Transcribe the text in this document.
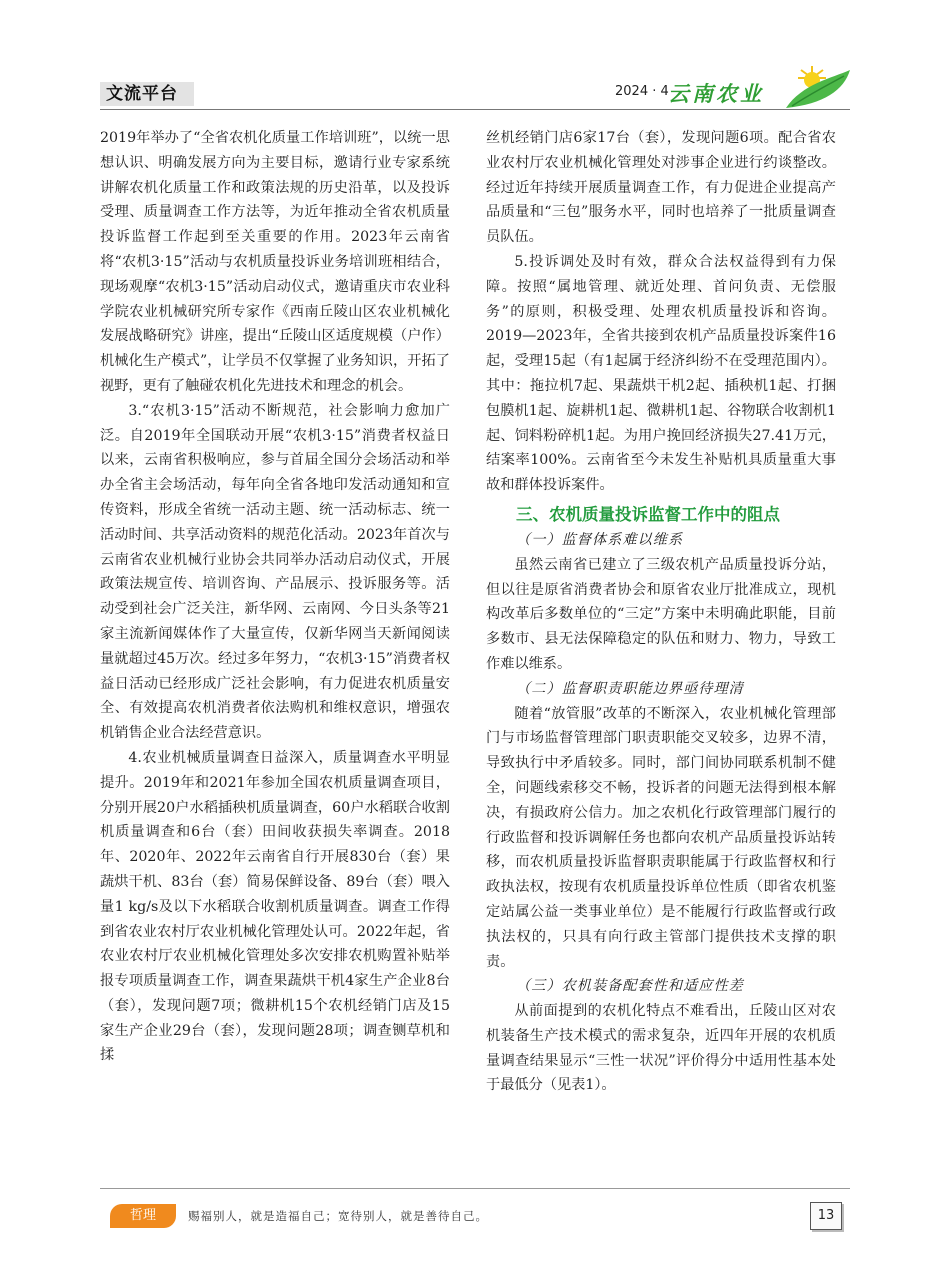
文流平台	2024 · 4 云南农业

2019年举办了“全省农机化质量工作培训班”，以统一思想认识、明确发展方向为主要目标，邀请行业专家系统讲解农机化质量工作和政策法规的历史沿革，以及投诉受理、质量调查工作方法等，为近年推动全省农机质量投诉监督工作起到至关重要的作用。2023年云南省将“农机3·15”活动与农机质量投诉业务培训班相结合，现场观摩“农机3·15”活动启动仪式，邀请重庆市农业科学院农业机械研究所专家作《西南丘陵山区农业机械化发展战略研究》讲座，提出“丘陵山区适度规模（户作）机械化生产模式”，让学员不仅掌握了业务知识，开拓了视野，更有了触碰农机化先进技术和理念的机会。

3.“农机3·15”活动不断规范，社会影响力愈加广泛。自2019年全国联动开展“农机3·15”消费者权益日以来，云南省积极响应，参与首届全国分会场活动和举办全省主会场活动，每年向全省各地印发活动通知和宣传资料，形成全省统一活动主题、统一活动标志、统一活动时间、共享活动资料的规范化活动。2023年首次与云南省农业机械行业协会共同举办活动启动仪式，开展政策法规宣传、培训咨询、产品展示、投诉服务等。活动受到社会广泛关注，新华网、云南网、今日头条等21家主流新闻媒体作了大量宣传，仅新华网当天新闻阅读量就超过45万次。经过多年努力，“农机3·15”消费者权益日活动已经形成广泛社会影响，有力促进农机质量安全、有效提高农机消费者依法购机和维权意识，增强农机销售企业合法经营意识。

4.农业机械质量调查日益深入，质量调查水平明显提升。2019年和2021年参加全国农机质量调查项目，分别开展20户水稻插秧机质量调查，60户水稻联合收割机质量调查和6台（套）田间收获损失率调查。2018年、2020年、2022年云南省自行开展830台（套）果蔬烘干机、83台（套）简易保鲜设备、89台（套）喂入量1 kg/s及以下水稻联合收割机质量调查。调查工作得到省农业农村厅农业机械化管理处认可。2022年起，省农业农村厅农业机械化管理处多次安排农机购置补贴举报专项质量调查工作，调查果蔬烘干机4家生产企业8台（套），发现问题7项；微耕机15个农机经销门店及15家生产企业29台（套），发现问题28项；调查铡草机和揉

丝机经销门店6家17台（套），发现问题6项。配合省农业农村厅农业机械化管理处对涉事企业进行约谈整改。经过近年持续开展质量调查工作，有力促进企业提高产品质量和“三包”服务水平，同时也培养了一批质量调查员队伍。

5.投诉调处及时有效，群众合法权益得到有力保障。按照“属地管理、就近处理、首问负责、无偿服务”的原则，积极受理、处理农机质量投诉和咨询。2019—2023年，全省共接到农机产品质量投诉案件16起，受理15起（有1起属于经济纠纷不在受理范围内）。其中：拖拉机7起、果蔬烘干机2起、插秧机1起、打捆包膜机1起、旋耕机1起、微耕机1起、谷物联合收割机1起、饲料粉碎机1起。为用户挽回经济损失27.41万元，结案率100%。云南省至今未发生补贴机具质量重大事故和群体投诉案件。

三、农机质量投诉监督工作中的阻点
（一）监督体系难以维系

虽然云南省已建立了三级农机产品质量投诉分站，但以往是原省消费者协会和原省农业厅批准成立，现机构改革后多数单位的“三定”方案中未明确此职能，目前多数市、县无法保障稳定的队伍和财力、物力，导致工作难以维系。

（二）监督职责职能边界亟待理清

随着“放管服”改革的不断深入，农业机械化管理部门与市场监督管理部门职责职能交叉较多，边界不清，导致执行中矛盾较多。同时，部门间协同联系机制不健全，问题线索移交不畅，投诉者的问题无法得到根本解决，有损政府公信力。加之农机化行政管理部门履行的行政监督和投诉调解任务也都向农机产品质量投诉站转移，而农机质量投诉监督职责职能属于行政监督权和行政执法权，按现有农机质量投诉单位性质（即省农机鉴定站属公益一类事业单位）是不能履行行政监督或行政执法权的，只具有向行政主管部门提供技术支撑的职责。

（三）农机装备配套性和适应性差

从前面提到的农机化特点不难看出，丘陵山区对农机装备生产技术模式的需求复杂，近四年开展的农机质量调查结果显示“三性一状况”评价得分中适用性基本处于最低分（见表1）。

哲理	赐福别人，就是造福自己；宽待别人，就是善待自己。	13
